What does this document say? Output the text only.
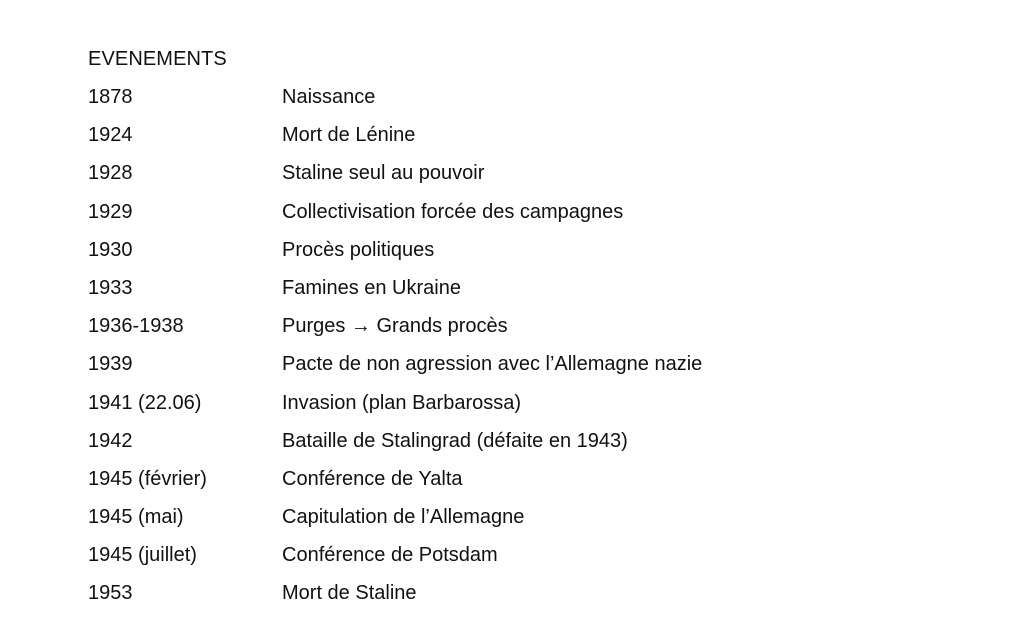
EVENEMENTS
1878	Naissance
1924	Mort de Lénine
1928	Staline seul au pouvoir
1929	Collectivisation forcée des campagnes
1930	Procès politiques
1933	Famines en Ukraine
1936-1938	Purges → Grands procès
1939	Pacte de non agression avec l’Allemagne nazie
1941 (22.06)	Invasion (plan Barbarossa)
1942	Bataille de Stalingrad (défaite en 1943)
1945 (février)	Conférence de Yalta
1945 (mai)	Capitulation de l’Allemagne
1945 (juillet)	Conférence de Potsdam
1953	Mort de Staline
